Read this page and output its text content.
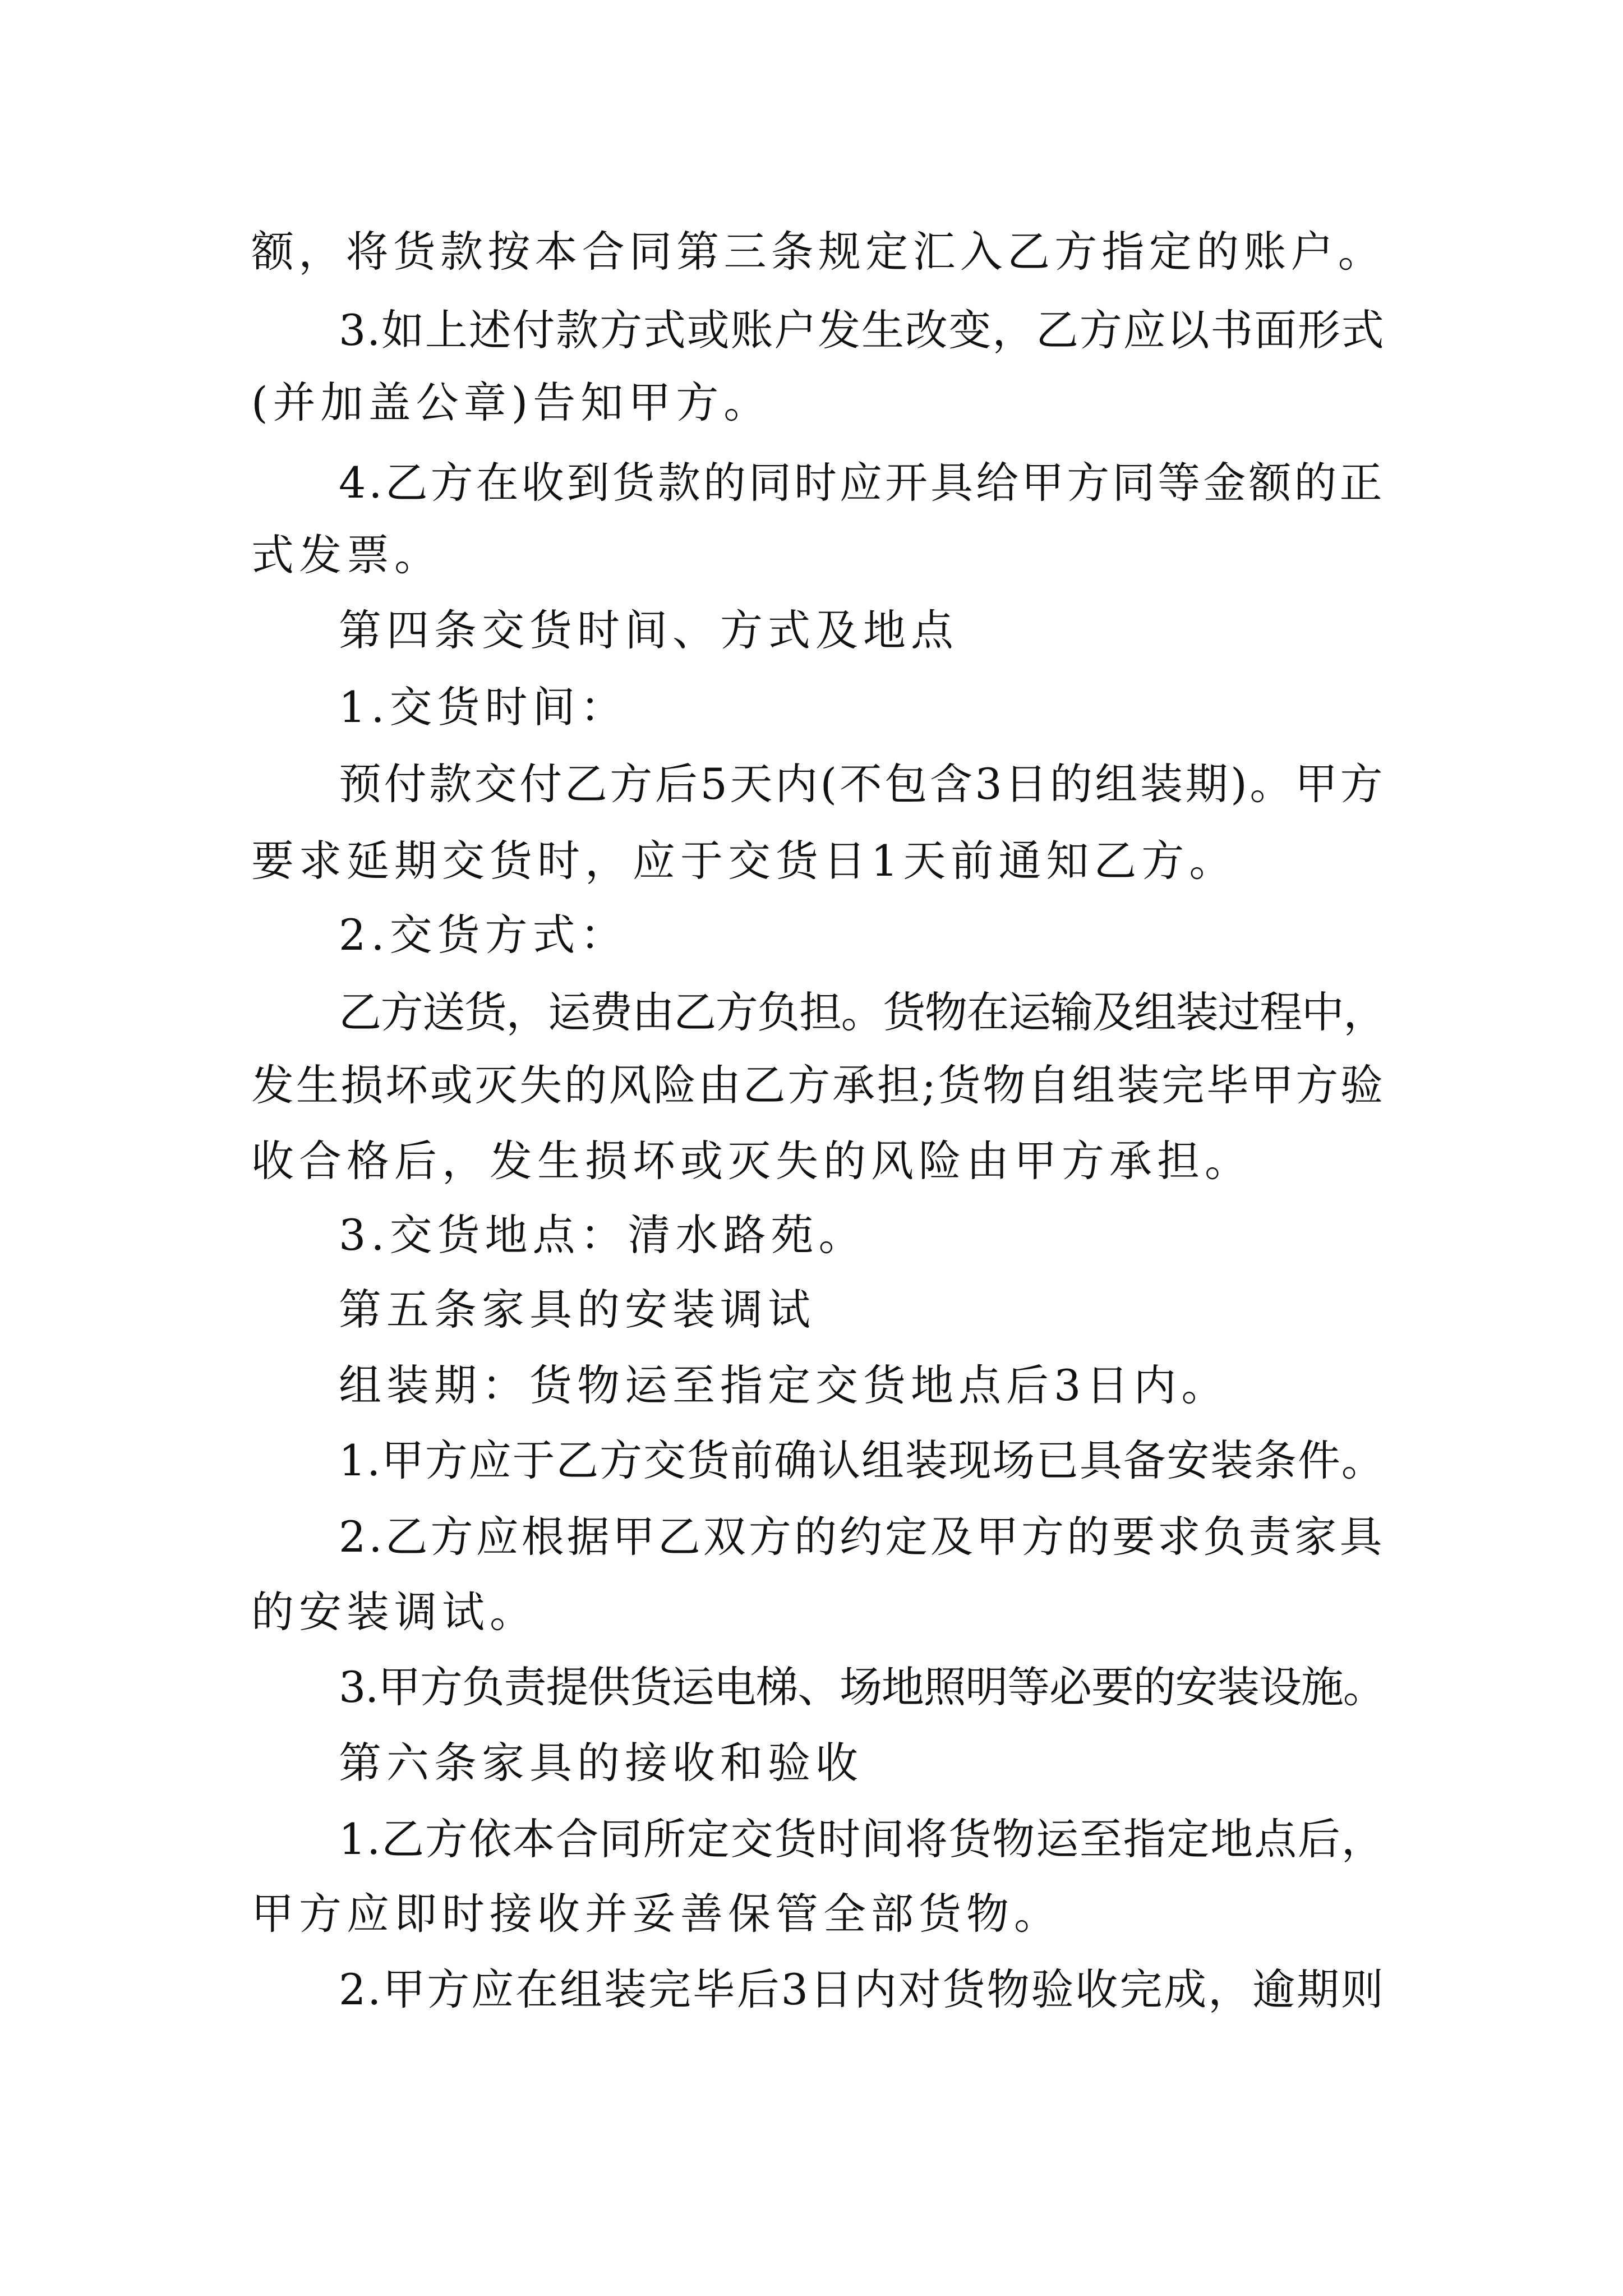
额，将货款按本合同第三条规定汇入乙方指定的账户。
3.如上述付款方式或账户发生改变，乙方应以书面形式
(并加盖公章)告知甲方。
4.乙方在收到货款的同时应开具给甲方同等金额的正
式发票。
第四条交货时间、方式及地点
1.交货时间：
预付款交付乙方后5天内(不包含3日的组装期)。甲方
要求延期交货时，应于交货日1天前通知乙方。
2.交货方式：
乙方送货，运费由乙方负担。货物在运输及组装过程中，
发生损坏或灭失的风险由乙方承担;货物自组装完毕甲方验
收合格后，发生损坏或灭失的风险由甲方承担。
3.交货地点：清水路苑。
第五条家具的安装调试
组装期：货物运至指定交货地点后3日内。
1.甲方应于乙方交货前确认组装现场已具备安装条件。
2.乙方应根据甲乙双方的约定及甲方的要求负责家具
的安装调试。
3.甲方负责提供货运电梯、场地照明等必要的安装设施。
第六条家具的接收和验收
1.乙方依本合同所定交货时间将货物运至指定地点后，
甲方应即时接收并妥善保管全部货物。
2.甲方应在组装完毕后3日内对货物验收完成，逾期则
